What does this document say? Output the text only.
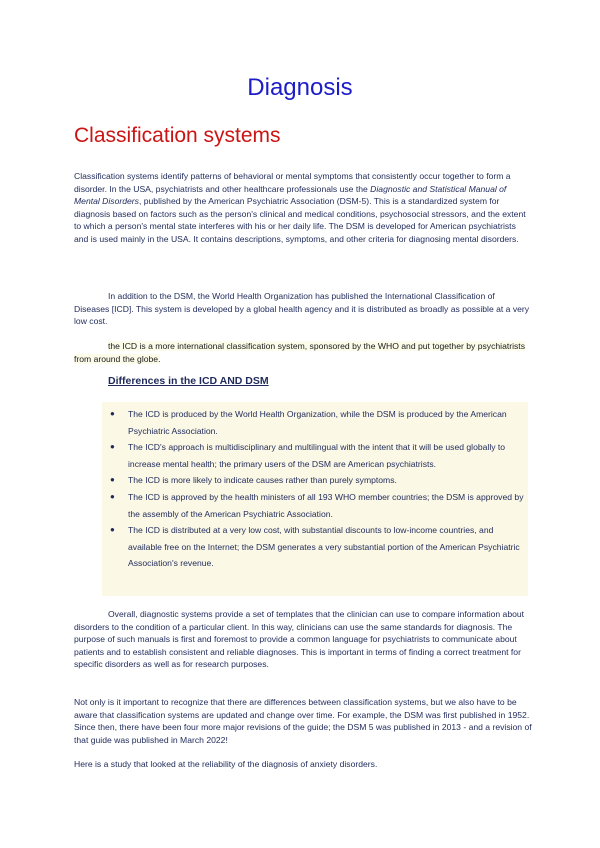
Diagnosis
Classification systems

Classification systems identify patterns of behavioral or mental symptoms that consistently occur together to form a disorder. In the USA, psychiatrists and other healthcare professionals use the Diagnostic and Statistical Manual of Mental Disorders, published by the American Psychiatric Association (DSM-5). This is a standardized system for diagnosis based on factors such as the person's clinical and medical conditions, psychosocial stressors, and the extent to which a person's mental state interferes with his or her daily life. The DSM is developed for American psychiatrists and is used mainly in the USA. It contains descriptions, symptoms, and other criteria for diagnosing mental disorders.

In addition to the DSM, the World Health Organization has published the International Classification of Diseases [ICD]. This system is developed by a global health agency and it is distributed as broadly as possible at a very low cost.

the ICD is a more international classification system, sponsored by the WHO and put together by psychiatrists from around the globe.

Differences in the ICD AND DSM
● The ICD is produced by the World Health Organization, while the DSM is produced by the American Psychiatric Association.
● The ICD's approach is multidisciplinary and multilingual with the intent that it will be used globally to increase mental health; the primary users of the DSM are American psychiatrists.
● The ICD is more likely to indicate causes rather than purely symptoms.
● The ICD is approved by the health ministers of all 193 WHO member countries; the DSM is approved by the assembly of the American Psychiatric Association.
● The ICD is distributed at a very low cost, with substantial discounts to low-income countries, and available free on the Internet; the DSM generates a very substantial portion of the American Psychiatric Association's revenue.

Overall, diagnostic systems provide a set of templates that the clinician can use to compare information about disorders to the condition of a particular client. In this way, clinicians can use the same standards for diagnosis. The purpose of such manuals is first and foremost to provide a common language for psychiatrists to communicate about patients and to establish consistent and reliable diagnoses. This is important in terms of finding a correct treatment for specific disorders as well as for research purposes.

Not only is it important to recognize that there are differences between classification systems, but we also have to be aware that classification systems are updated and change over time. For example, the DSM was first published in 1952. Since then, there have been four more major revisions of the guide; the DSM 5 was published in 2013 - and a revision of that guide was published in March 2022!

Here is a study that looked at the reliability of the diagnosis of anxiety disorders.
